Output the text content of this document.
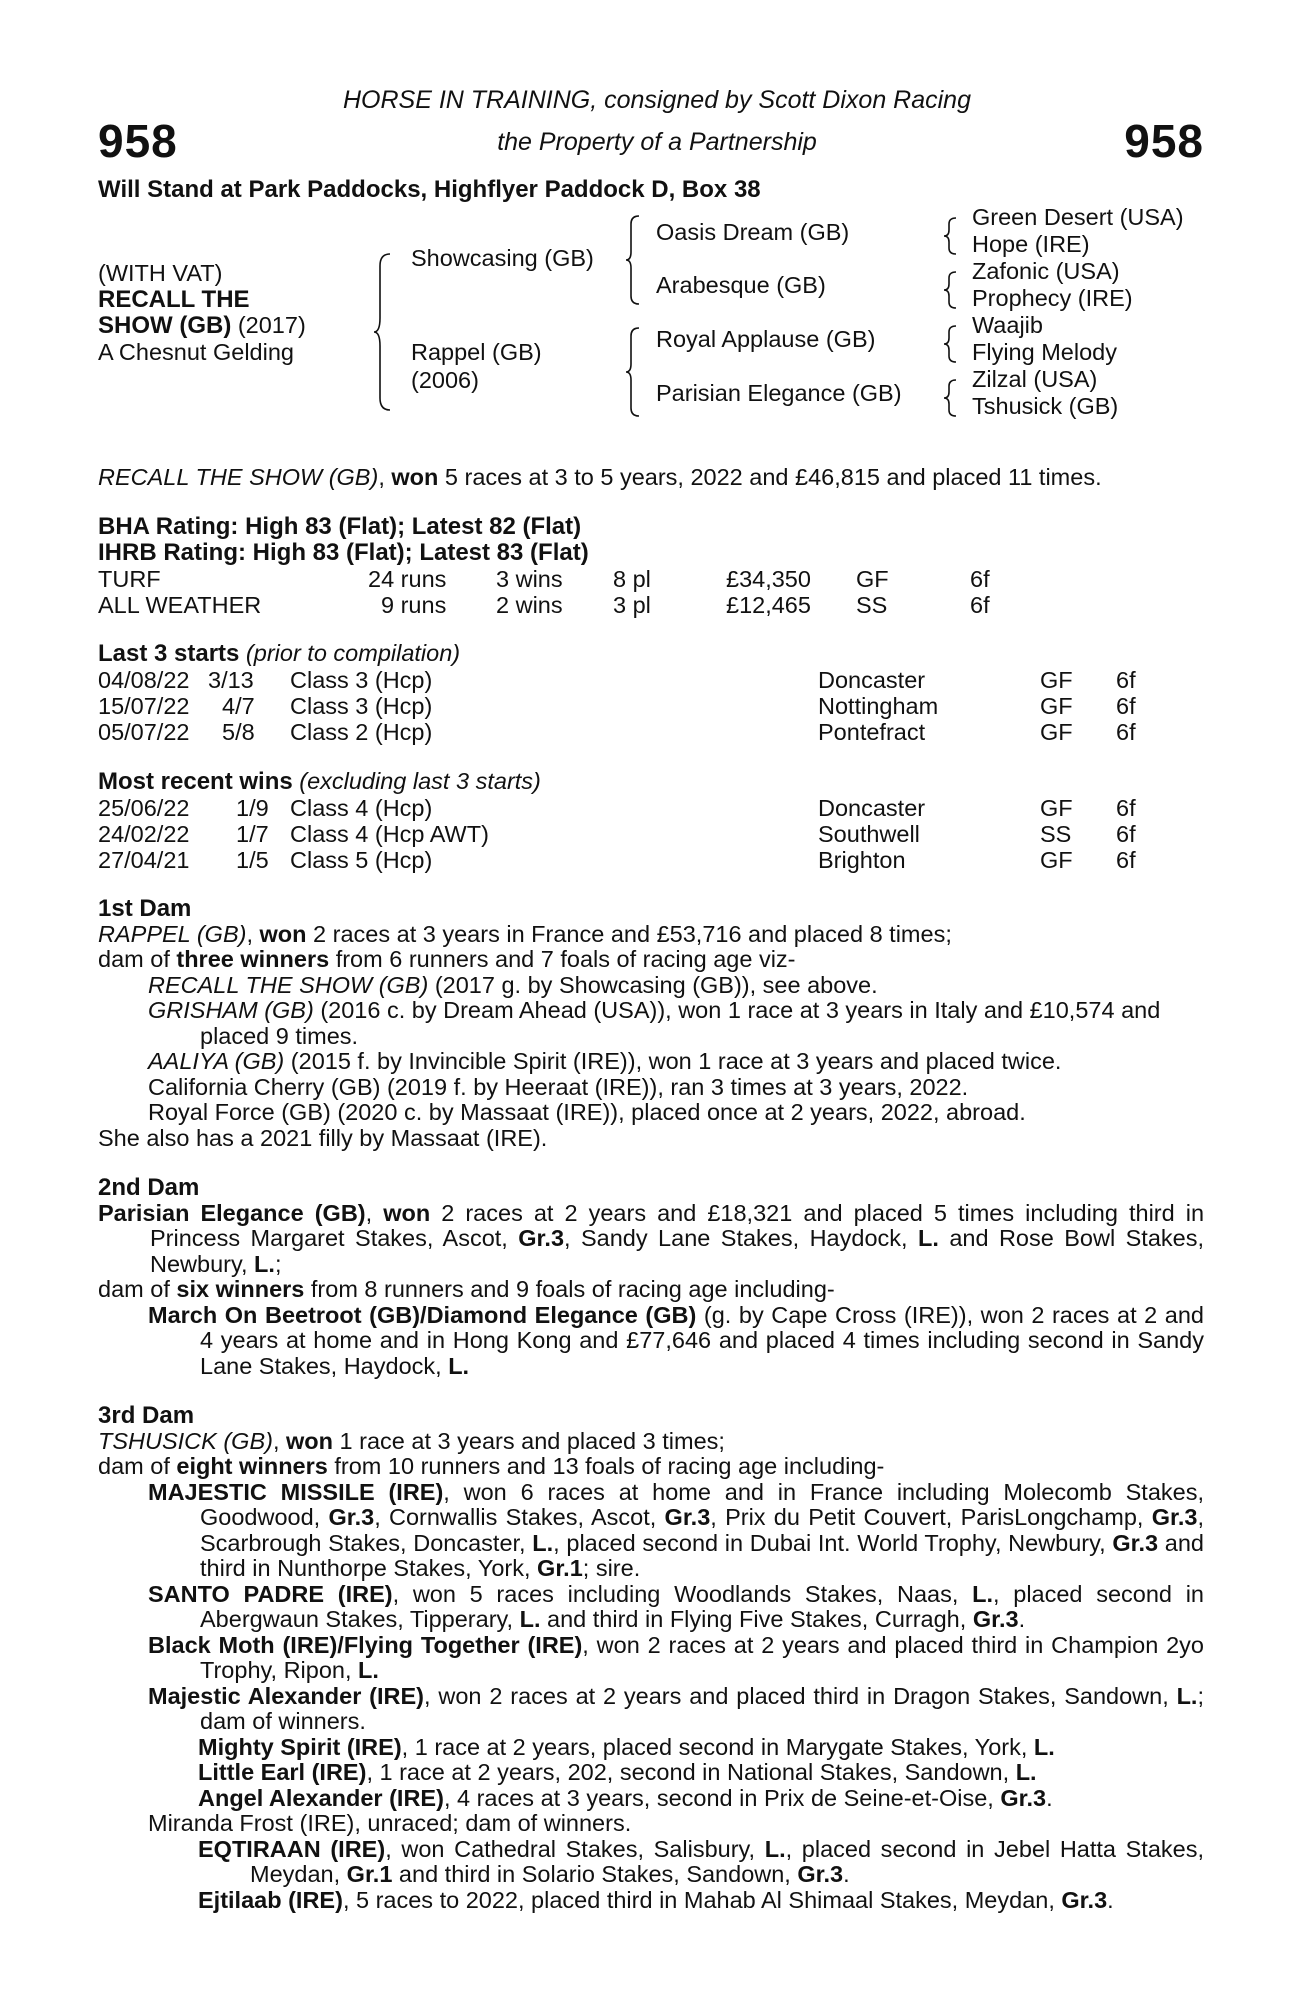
958	958
HORSE IN TRAINING, consigned by Scott Dixon Racing
the Property of a Partnership
Will Stand at Park Paddocks, Highflyer Paddock D, Box 38
(WITH VAT)
RECALL THE
SHOW (GB) (2017)
A Chesnut Gelding
Showcasing (GB)
Rappel (GB)
(2006)
Oasis Dream (GB)
Arabesque (GB)
Royal Applause (GB)
Parisian Elegance (GB)
Green Desert (USA)
Hope (IRE)
Zafonic (USA)
Prophecy (IRE)
Waajib
Flying Melody
Zilzal (USA)
Tshusick (GB)
RECALL THE SHOW (GB), won 5 races at 3 to 5 years, 2022 and £46,815 and placed 11 times.
BHA Rating: High 83 (Flat); Latest 82 (Flat)
IHRB Rating: High 83 (Flat); Latest 83 (Flat)
TURF	24 runs 3 wins 8 pl	£34,350 GF	6f
ALL WEATHER	9 runs 2 wins 3 pl	£12,465 SS	6f
Last 3 starts (prior to compilation)
04/08/22 3/13 Class 3 (Hcp)	Doncaster	GF 6f
15/07/22 4/7 Class 3 (Hcp)	Nottingham	GF 6f
05/07/22 5/8 Class 2 (Hcp)	Pontefract	GF 6f
Most recent wins (excluding last 3 starts)
25/06/22 1/9 Class 4 (Hcp)	Doncaster	GF 6f
24/02/22 1/7 Class 4 (Hcp AWT)	Southwell	SS 6f
27/04/21 1/5 Class 5 (Hcp)	Brighton	GF 6f

1st Dam

RAPPEL (GB), won 2 races at 3 years in France and £53,716 and placed 8 times;

dam of three winners from 6 runners and 7 foals of racing age viz-

RECALL THE SHOW (GB) (2017 g. by Showcasing (GB)), see above.

GRISHAM (GB) (2016 c. by Dream Ahead (USA)), won 1 race at 3 years in Italy and £10,574 and placed 9 times.

AALIYA (GB) (2015 f. by Invincible Spirit (IRE)), won 1 race at 3 years and placed twice.

California Cherry (GB) (2019 f. by Heeraat (IRE)), ran 3 times at 3 years, 2022.

Royal Force (GB) (2020 c. by Massaat (IRE)), placed once at 2 years, 2022, abroad.

She also has a 2021 filly by Massaat (IRE).

2nd Dam

Parisian Elegance (GB), won 2 races at 2 years and £18,321 and placed 5 times including third in Princess Margaret Stakes, Ascot, Gr.3, Sandy Lane Stakes, Haydock, L. and Rose Bowl Stakes, Newbury, L.;

dam of six winners from 8 runners and 9 foals of racing age including-

March On Beetroot (GB)/Diamond Elegance (GB) (g. by Cape Cross (IRE)), won 2 races at 2 and 4 years at home and in Hong Kong and £77,646 and placed 4 times including second in Sandy Lane Stakes, Haydock, L.

3rd Dam

TSHUSICK (GB), won 1 race at 3 years and placed 3 times;

dam of eight winners from 10 runners and 13 foals of racing age including-

MAJESTIC MISSILE (IRE), won 6 races at home and in France including Molecomb Stakes, Goodwood, Gr.3, Cornwallis Stakes, Ascot, Gr.3, Prix du Petit Couvert, ParisLongchamp, Gr.3, Scarbrough Stakes, Doncaster, L., placed second in Dubai Int. World Trophy, Newbury, Gr.3 and third in Nunthorpe Stakes, York, Gr.1; sire.

SANTO PADRE (IRE), won 5 races including Woodlands Stakes, Naas, L., placed second in Abergwaun Stakes, Tipperary, L. and third in Flying Five Stakes, Curragh, Gr.3.

Black Moth (IRE)/Flying Together (IRE), won 2 races at 2 years and placed third in Champion 2yo Trophy, Ripon, L.

Majestic Alexander (IRE), won 2 races at 2 years and placed third in Dragon Stakes, Sandown, L.; dam of winners.

Mighty Spirit (IRE), 1 race at 2 years, placed second in Marygate Stakes, York, L.

Little Earl (IRE), 1 race at 2 years, 202, second in National Stakes, Sandown, L.

Angel Alexander (IRE), 4 races at 3 years, second in Prix de Seine-et-Oise, Gr.3.

Miranda Frost (IRE), unraced; dam of winners.

EQTIRAAN (IRE), won Cathedral Stakes, Salisbury, L., placed second in Jebel Hatta Stakes, Meydan, Gr.1 and third in Solario Stakes, Sandown, Gr.3.

Ejtilaab (IRE), 5 races to 2022, placed third in Mahab Al Shimaal Stakes, Meydan, Gr.3.
